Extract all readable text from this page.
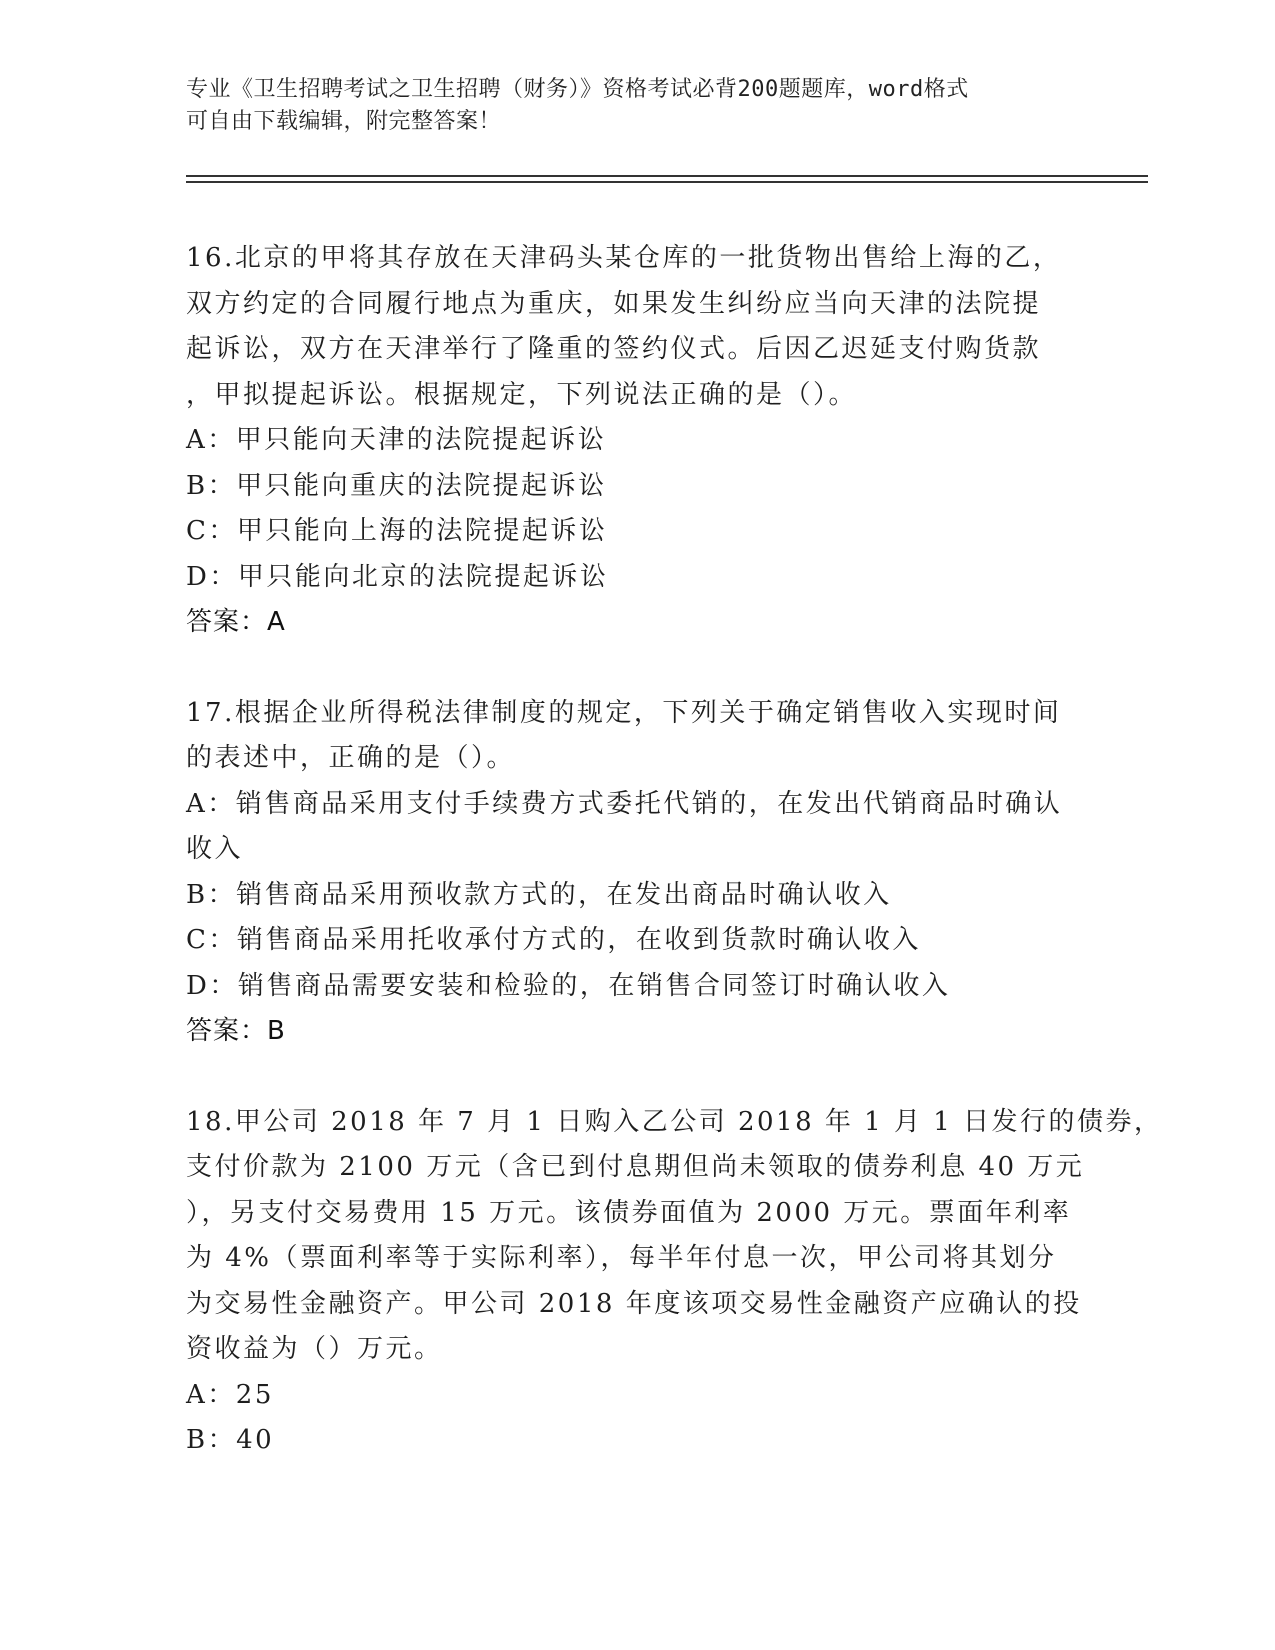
专业《卫生招聘考试之卫生招聘（财务）》资格考试必背200题题库，word格式
可自由下载编辑，附完整答案！
16.北京的甲将其存放在天津码头某仓库的一批货物出售给上海的乙，
双方约定的合同履行地点为重庆，如果发生纠纷应当向天津的法院提
起诉讼，双方在天津举行了隆重的签约仪式。后因乙迟延支付购货款
，甲拟提起诉讼。根据规定，下列说法正确的是（）。
A：甲只能向天津的法院提起诉讼
B：甲只能向重庆的法院提起诉讼
C：甲只能向上海的法院提起诉讼
D：甲只能向北京的法院提起诉讼
答案：A
17.根据企业所得税法律制度的规定，下列关于确定销售收入实现时间
的表述中，正确的是（）。
A：销售商品采用支付手续费方式委托代销的，在发出代销商品时确认
收入
B：销售商品采用预收款方式的，在发出商品时确认收入
C：销售商品采用托收承付方式的，在收到货款时确认收入
D：销售商品需要安装和检验的，在销售合同签订时确认收入
答案：B
18.甲公司 2018 年 7 月 1 日购入乙公司 2018 年 1 月 1 日发行的债券，
支付价款为 2100 万元（含已到付息期但尚未领取的债券利息 40 万元
），另支付交易费用 15 万元。该债券面值为 2000 万元。票面年利率
为 4%（票面利率等于实际利率），每半年付息一次，甲公司将其划分
为交易性金融资产。甲公司 2018 年度该项交易性金融资产应确认的投
资收益为（）万元。
A：25
B：40
